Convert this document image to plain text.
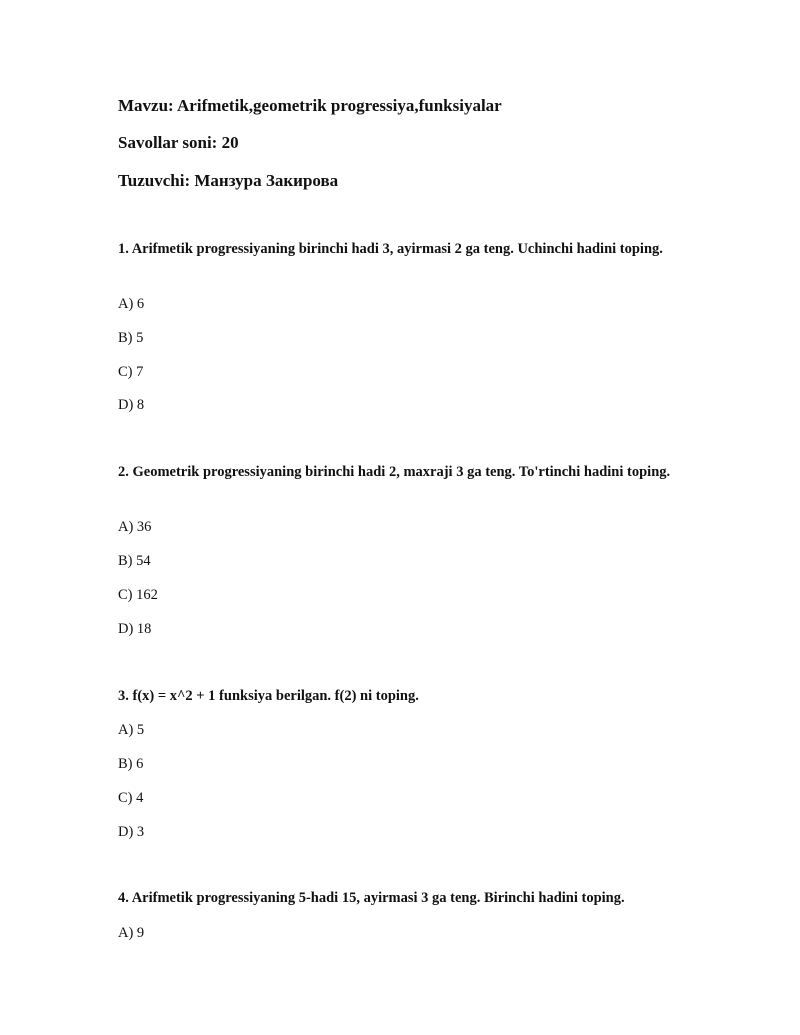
Mavzu: Arifmetik,geometrik progressiya,funksiyalar
Savollar soni: 20
Tuzuvchi: Манзура Закирова
1. Arifmetik progressiyaning birinchi hadi 3, ayirmasi 2 ga teng. Uchinchi hadini toping.
A) 6
B) 5
C) 7
D) 8
2. Geometrik progressiyaning birinchi hadi 2, maxraji 3 ga teng. To'rtinchi hadini toping.
A) 36
B) 54
C) 162
D) 18
3. f(x) = x^2 + 1 funksiya berilgan. f(2) ni toping.
A) 5
B) 6
C) 4
D) 3
4. Arifmetik progressiyaning 5-hadi 15, ayirmasi 3 ga teng. Birinchi hadini toping.
A) 9
